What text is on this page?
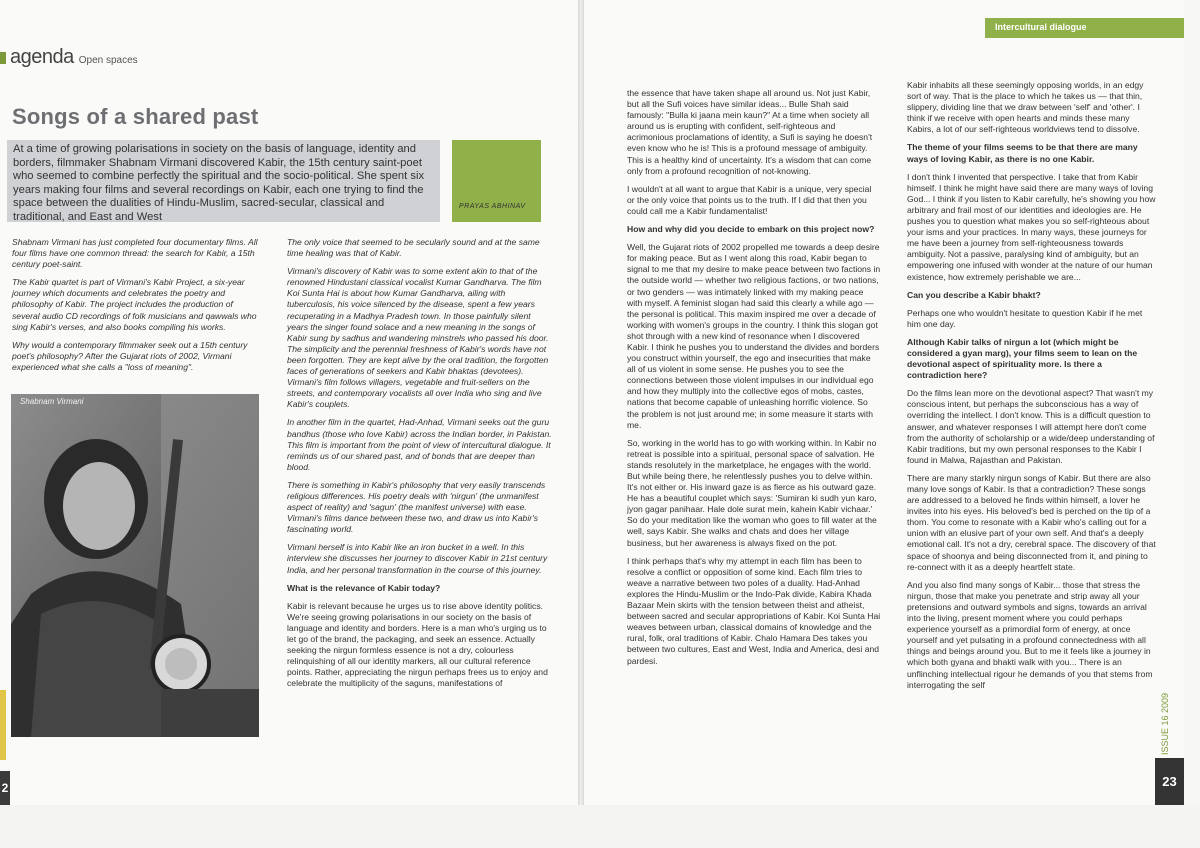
agenda Open spaces
Songs of a shared past
At a time of growing polarisations in society on the basis of language, identity and borders, filmmaker Shabnam Virmani discovered Kabir, the 15th century saint-poet who seemed to combine perfectly the spiritual and the socio-political. She spent six years making four films and several recordings on Kabir, each one trying to find the space between the dualities of Hindu-Muslim, sacred-secular, classical and traditional, and East and West
PRAYAS ABHINAV

Shabnam Virmani has just completed four documentary films. All four films have one common thread: the search for Kabir, a 15th century poet-saint.

The Kabir quartet is part of Virmani's Kabir Project, a six-year journey which documents and celebrates the poetry and philosophy of Kabir. The project includes the production of several audio CD recordings of folk musicians and qawwals who sing Kabir's verses, and also books compiling his works.

Why would a contemporary filmmaker seek out a 15th century poet's philosophy? After the Gujarat riots of 2002, Virmani experienced what she calls a "loss of meaning".

Shabnam Virmani

The only voice that seemed to be secularly sound and at the same time healing was that of Kabir.

Virmani's discovery of Kabir was to some extent akin to that of the renowned Hindustani classical vocalist Kumar Gandharva. The film Koi Sunta Hai is about how Kumar Gandharva, ailing with tuberculosis, his voice silenced by the disease, spent a few years recuperating in a Madhya Pradesh town. In those painfully silent years the singer found solace and a new meaning in the songs of Kabir sung by sadhus and wandering minstrels who passed his door. The simplicity and the perennial freshness of Kabir's words have not been forgotten. They are kept alive by the oral tradition, the forgotten faces of generations of seekers and Kabir bhaktas (devotees). Virmani's film follows villagers, vegetable and fruit-sellers on the streets, and contemporary vocalists all over India who sing and live Kabir's couplets.

In another film in the quartet, Had-Anhad, Virmani seeks out the guru bandhus (those who love Kabir) across the Indian border, in Pakistan. This film is important from the point of view of intercultural dialogue. It reminds us of our shared past, and of bonds that are deeper than blood.

There is something in Kabir's philosophy that very easily transcends religious differences. His poetry deals with 'nirgun' (the unmanifest aspect of reality) and 'sagun' (the manifest universe) with ease. Virmani's films dance between these two, and draw us into Kabir's fascinating world.

Virmani herself is into Kabir like an iron bucket in a well. In this interview she discusses her journey to discover Kabir in 21st century India, and her personal transformation in the course of this journey.

What is the relevance of Kabir today?

Kabir is relevant because he urges us to rise above identity politics. We're seeing growing polarisations in our society on the basis of language and identity and borders. Here is a man who's urging us to let go of the brand, the packaging, and seek an essence. Actually seeking the nirgun formless essence is not a dry, colourless relinquishing of all our identity markers, all our cultural reference points. Rather, appreciating the nirgun perhaps frees us to enjoy and celebrate the multiplicity of the saguns, manifestations of

2
Intercultural dialogue

the essence that have taken shape all around us. Not just Kabir, but all the Sufi voices have similar ideas... Bulle Shah said famously: "Bulla ki jaana mein kaun?" At a time when society all around us is erupting with confident, self-righteous and acrimonious proclamations of identity, a Sufi is saying he doesn't even know who he is! This is a profound message of ambiguity. This is a healthy kind of uncertainty. It's a wisdom that can come only from a profound recognition of not-knowing.

I wouldn't at all want to argue that Kabir is a unique, very special or the only voice that points us to the truth. If I did that then you could call me a Kabir fundamentalist!

How and why did you decide to embark on this project now?

Well, the Gujarat riots of 2002 propelled me towards a deep desire for making peace. But as I went along this road, Kabir began to signal to me that my desire to make peace between two factions in the outside world — whether two religious factions, or two nations, or two genders — was intimately linked with my making peace with myself. A feminist slogan had said this clearly a while ago — the personal is political. This maxim inspired me over a decade of working with women's groups in the country. I think this slogan got shot through with a new kind of resonance when I discovered Kabir. I think he pushes you to understand the divides and borders you construct within yourself, the ego and insecurities that make all of us violent in some sense. He pushes you to see the connections between those violent impulses in our individual ego and how they multiply into the collective egos of mobs, castes, nations that become capable of unleashing horrific violence. So the problem is not just around me; in some measure it starts with me.

So, working in the world has to go with working within. In Kabir no retreat is possible into a spiritual, personal space of salvation. He stands resolutely in the marketplace, he engages with the world. But while being there, he relentlessly pushes you to delve within. It's not either or. His inward gaze is as fierce as his outward gaze. He has a beautiful couplet which says: 'Sumiran ki sudh yun karo, jyon gagar panihaar. Hale dole surat mein, kahein Kabir vichaar.' So do your meditation like the woman who goes to fill water at the well, says Kabir. She walks and chats and does her village business, but her awareness is always fixed on the pot.

I think perhaps that's why my attempt in each film has been to resolve a conflict or opposition of some kind. Each film tries to weave a narrative between two poles of a duality. Had-Anhad explores the Hindu-Muslim or the Indo-Pak divide, Kabira Khada Bazaar Mein skirts with the tension between theist and atheist, between sacred and secular appropriations of Kabir. Koi Sunta Hai weaves between urban, classical domains of knowledge and the rural, folk, oral traditions of Kabir. Chalo Hamara Des takes you between two cultures, East and West, India and America, desi and pardesi.

Kabir inhabits all these seemingly opposing worlds, in an edgy sort of way. That is the place to which he takes us — that thin, slippery, dividing line that we draw between 'self' and 'other'. I think if we receive with open hearts and minds these many Kabirs, a lot of our self-righteous worldviews tend to dissolve.

The theme of your films seems to be that there are many ways of loving Kabir, as there is no one Kabir.

I don't think I invented that perspective. I take that from Kabir himself. I think he might have said there are many ways of loving God... I think if you listen to Kabir carefully, he's showing you how arbitrary and frail most of our identities and ideologies are. He pushes you to question what makes you so self-righteous about your isms and your practices. In many ways, these journeys for me have been a journey from self-righteousness towards ambiguity. Not a passive, paralysing kind of ambiguity, but an empowering one infused with wonder at the nature of our human existence, how extremely perishable we are...

Can you describe a Kabir bhakt?

Perhaps one who wouldn't hesitate to question Kabir if he met him one day.

Although Kabir talks of nirgun a lot (which might be considered a gyan marg), your films seem to lean on the devotional aspect of spirituality more. Is there a contradiction here?

Do the films lean more on the devotional aspect? That wasn't my conscious intent, but perhaps the subconscious has a way of overriding the intellect. I don't know. This is a difficult question to answer, and whatever responses I will attempt here don't come from the authority of scholarship or a wide/deep understanding of Kabir traditions, but my own personal responses to the Kabir I found in Malwa, Rajasthan and Pakistan.

There are many starkly nirgun songs of Kabir. But there are also many love songs of Kabir. Is that a contradiction? These songs are addressed to a beloved he finds within himself, a lover he invites into his eyes. His beloved's bed is perched on the tip of a thorn. You come to resonate with a Kabir who's calling out for a union with an elusive part of your own self. And that's a deeply emotional call. It's not a dry, cerebral space. The discovery of that space of shoonya and being disconnected from it, and pining to re-connect with it as a deeply heartfelt state.

And you also find many songs of Kabir... those that stress the nirgun, those that make you penetrate and strip away all your pretensions and outward symbols and signs, towards an arrival into the living, present moment where you could perhaps experience yourself as a primordial form of energy, at once yourself and yet pulsating in a profound connectedness with all things and beings around you. But to me it feels like a journey in which both gyana and bhakti walk with you... There is an unflinching intellectual rigour he demands of you that stems from interrogating the self

ISSUE 16 2009
23
